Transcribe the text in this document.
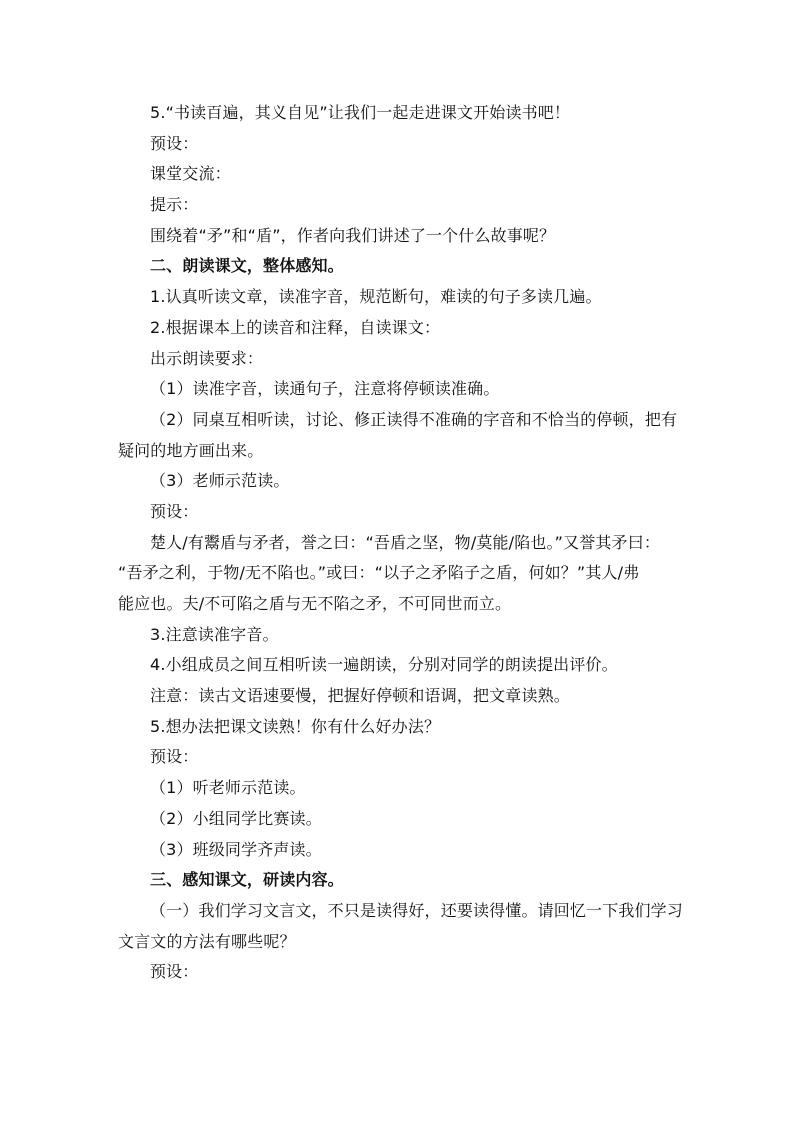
5.“书读百遍，其义自见”让我们一起走进课文开始读书吧！
预设：
课堂交流：
提示：
围绕着“矛”和“盾”，作者向我们讲述了一个什么故事呢？
二、朗读课文，整体感知。
1.认真听读文章，读准字音，规范断句，难读的句子多读几遍。
2.根据课本上的读音和注释，自读课文：
出示朗读要求：
（1）读准字音，读通句子，注意将停顿读准确。
（2）同桌互相听读，讨论、修正读得不准确的字音和不恰当的停顿，把有
疑问的地方画出来。
（3）老师示范读。
预设：
楚人/有鬻盾与矛者，誉之曰：“吾盾之坚，物/莫能/陷也。”又誉其矛曰：
“吾矛之利，于物/无不陷也。”或曰：“以子之矛陷子之盾，何如？”其人/弗
能应也。夫/不可陷之盾与无不陷之矛，不可同世而立。
3.注意读准字音。
4.小组成员之间互相听读一遍朗读，分别对同学的朗读提出评价。
注意：读古文语速要慢，把握好停顿和语调，把文章读熟。
5.想办法把课文读熟！你有什么好办法？
预设：
（1）听老师示范读。
（2）小组同学比赛读。
（3）班级同学齐声读。
三、感知课文，研读内容。
（一）我们学习文言文，不只是读得好，还要读得懂。请回忆一下我们学习
文言文的方法有哪些呢？
预设：
